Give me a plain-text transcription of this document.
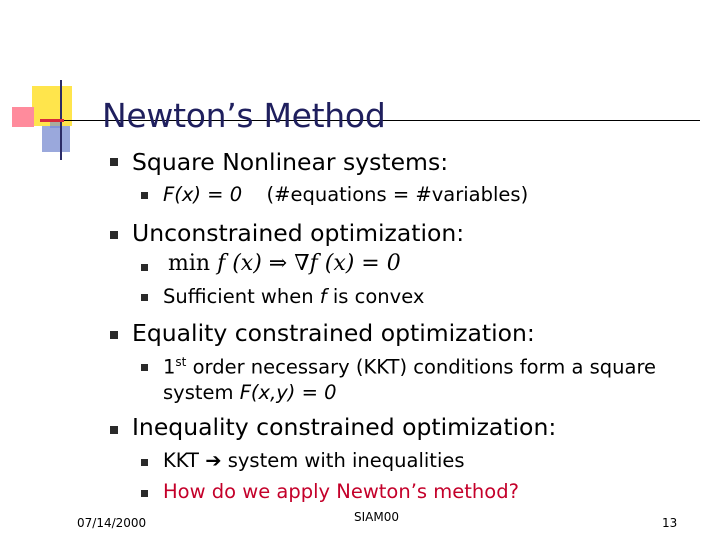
Newton’s Method
Square Nonlinear systems:
F(x) = 0 (#equations = #variables)
Unconstrained optimization:
min f (x) ⇒ ∇f (x) = 0
Sufficient when f is convex
Equality constrained optimization:
1st order necessary (KKT) conditions form a square
system F(x,y) = 0
Inequality constrained optimization:
KKT ➔ system with inequalities
How do we apply Newton’s method?
07/14/2000	SIAM00	13
